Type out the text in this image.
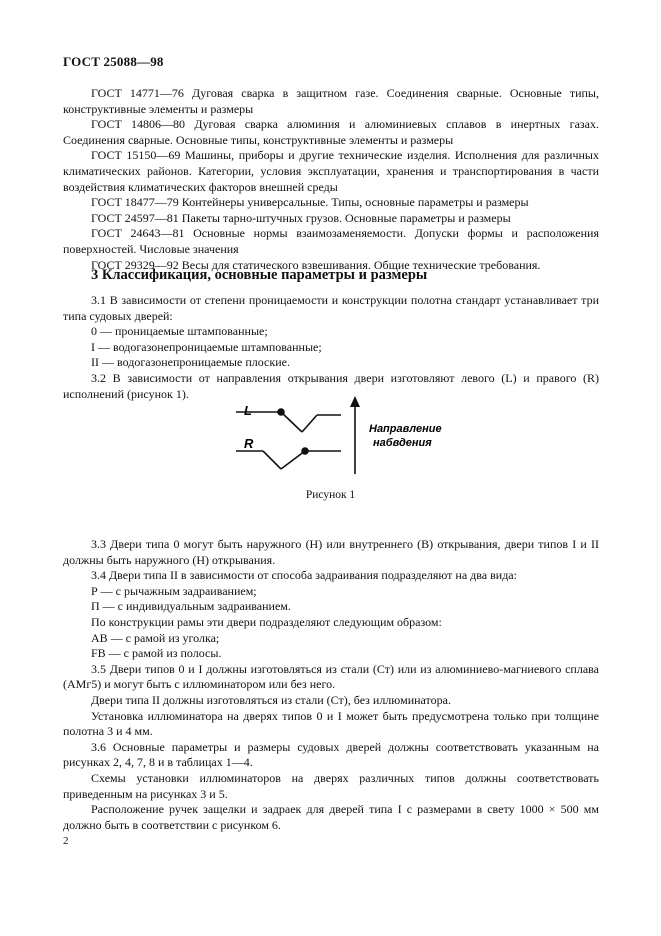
ГОСТ 25088—98

ГОСТ 14771—76 Дуговая сварка в защитном газе. Соединения сварные. Основные типы, конструктивные элементы и размеры

ГОСТ 14806—80 Дуговая сварка алюминия и алюминиевых сплавов в инертных газах. Соединения сварные. Основные типы, конструктивные элементы и размеры

ГОСТ 15150—69 Машины, приборы и другие технические изделия. Исполнения для различных климатических районов. Категории, условия эксплуатации, хранения и транспортирования в части воздействия климатических факторов внешней среды

ГОСТ 18477—79 Контейнеры универсальные. Типы, основные параметры и размеры

ГОСТ 24597—81 Пакеты тарно-штучных грузов. Основные параметры и размеры

ГОСТ 24643—81 Основные нормы взаимозаменяемости. Допуски формы и расположения поверхностей. Числовые значения

ГОСТ 29329—92 Весы для статического взвешивания. Общие технические требования.

3 Классификация, основные параметры и размеры

3.1 В зависимости от степени проницаемости и конструкции полотна стандарт устанавливает три типа судовых дверей:

0 — проницаемые штампованные;

I — водогазонепроницаемые штампованные;

II — водогазонепроницаемые плоские.

3.2 В зависимости от направления открывания двери изготовляют левого (L) и правого (R) исполнений (рисунок 1).

L
R
Направление
набвдения
Рисунок 1

3.3 Двери типа 0 могут быть наружного (Н) или внутреннего (В) открывания, двери типов I и II должны быть наружного (Н) открывания.

3.4 Двери типа II в зависимости от способа задраивания подразделяют на два вида:

Р — с рычажным задраиванием;

П — с индивидуальным задраиванием.

По конструкции рамы эти двери подразделяют следующим образом:

АВ — с рамой из уголка;

FB — с рамой из полосы.

3.5 Двери типов 0 и I должны изготовляться из стали (Ст) или из алюминиево-магниевого сплава (АМг5) и могут быть с иллюминатором или без него.

Двери типа II должны изготовляться из стали (Ст), без иллюминатора.

Установка иллюминатора на дверях типов 0 и I может быть предусмотрена только при толщине полотна 3 и 4 мм.

3.6 Основные параметры и размеры судовых дверей должны соответствовать указанным на рисунках 2, 4, 7, 8 и в таблицах 1—4.

Схемы установки иллюминаторов на дверях различных типов должны соответствовать приведенным на рисунках 3 и 5.

Расположение ручек защелки и задраек для дверей типа I с размерами в свету 1000 × 500 мм должно быть в соответствии с рисунком 6.

2
